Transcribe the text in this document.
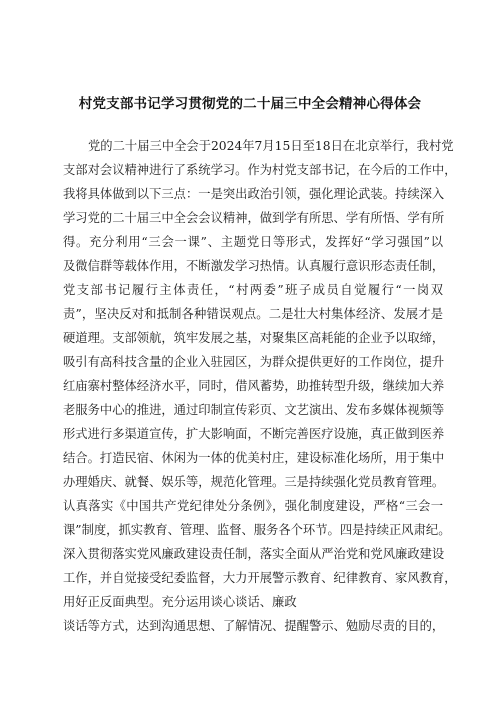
村党支部书记学习贯彻党的二十届三中全会精神心得体会
党的二十届三中全会于2024年7月15日至18日在北京举行，我村党
支部对会议精神进行了系统学习。作为村党支部书记，在今后的工作中，
我将具体做到以下三点：一是突出政治引领，强化理论武装。持续深入
学习党的二十届三中全会会议精神，做到学有所思、学有所悟、学有所
得。充分利用“三会一课”、主题党日等形式，发挥好“学习强国”以
及微信群等载体作用，不断激发学习热情。认真履行意识形态责任制，
党支部书记履行主体责任，“村两委”班子成员自觉履行“一岗双
责”，坚决反对和抵制各种错误观点。二是壮大村集体经济、发展才是
硬道理。支部领航，筑牢发展之基，对聚集区高耗能的企业予以取缔，
吸引有高科技含量的企业入驻园区，为群众提供更好的工作岗位，提升
红庙寨村整体经济水平，同时，借风蓄势，助推转型升级，继续加大养
老服务中心的推进，通过印制宣传彩页、文艺演出、发布多媒体视频等
形式进行多渠道宣传，扩大影响面，不断完善医疗设施，真正做到医养
结合。打造民宿、休闲为一体的优美村庄，建设标准化场所，用于集中
办理婚庆、就餐、娱乐等，规范化管理。三是持续强化党员教育管理。
认真落实《中国共产党纪律处分条例》，强化制度建设，严格“三会一
课”制度，抓实教育、管理、监督、服务各个环节。四是持续正风肃纪。
深入贯彻落实党风廉政建设责任制，落实全面从严治党和党风廉政建设
工作，并自觉接受纪委监督，大力开展警示教育、纪律教育、家风教育，
用好正反面典型。充分运用谈心谈话、廉政
谈话等方式，达到沟通思想、了解情况、提醒警示、勉励尽责的目的，
